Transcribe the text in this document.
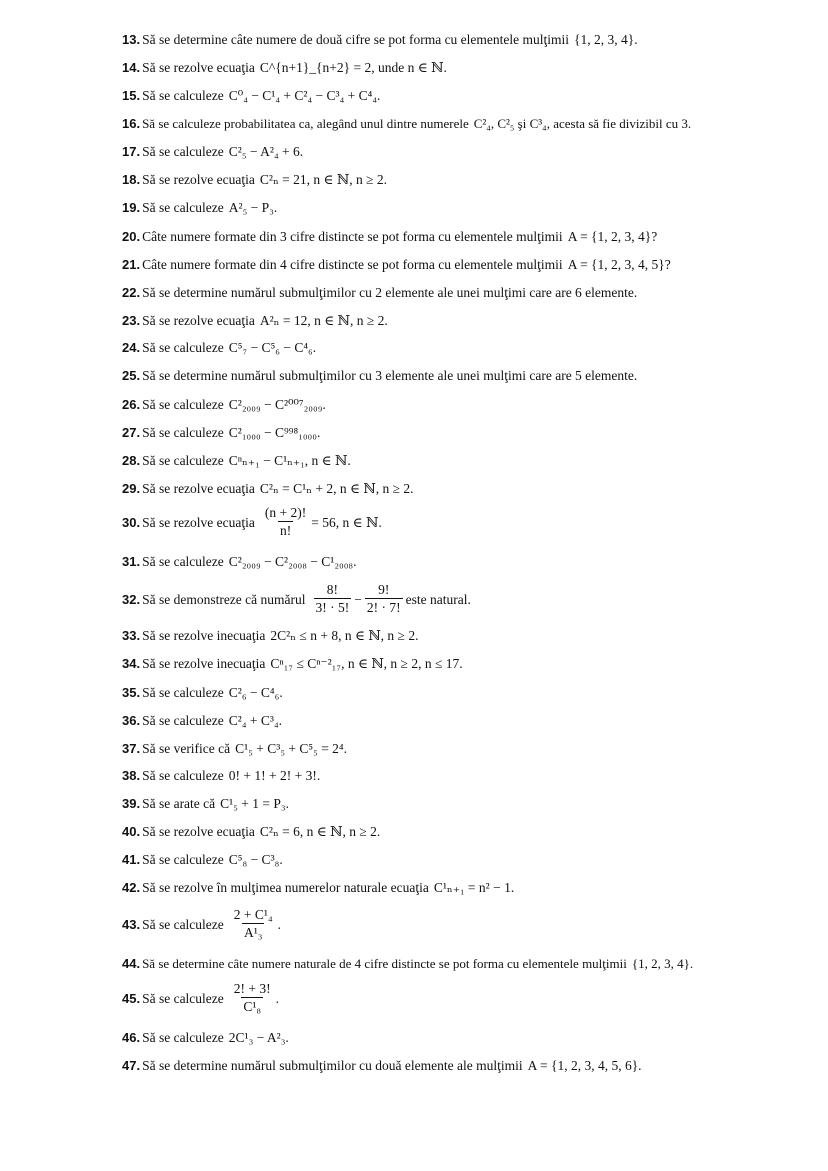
13. Să se determine câte numere de două cifre se pot forma cu elementele mulţimii {1, 2, 3, 4}.
14. Să se rezolve ecuaţia C^{n+1}_{n+2} = 2, unde n ∈ ℕ.
15. Să se calculeze C⁰₄ − C¹₄ + C²₄ − C³₄ + C⁴₄.
16. Să se calculeze probabilitatea ca, alegând unul dintre numerele C²₄, C²₅ şi C³₄, acesta să fie divizibil cu 3.
17. Să se calculeze C²₅ − A²₄ + 6.
18. Să se rezolve ecuaţia C²ₙ = 21, n ∈ ℕ, n ≥ 2.
19. Să se calculeze A²₅ − P₃.
20. Câte numere formate din 3 cifre distincte se pot forma cu elementele mulţimii A = {1, 2, 3, 4}?
21. Câte numere formate din 4 cifre distincte se pot forma cu elementele mulţimii A = {1, 2, 3, 4, 5}?
22. Să se determine numărul submulţimilor cu 2 elemente ale unei mulţimi care are 6 elemente.
23. Să se rezolve ecuaţia A²ₙ = 12, n ∈ ℕ, n ≥ 2.
24. Să se calculeze C⁵₇ − C⁵₆ − C⁴₆.
25. Să se determine numărul submulţimilor cu 3 elemente ale unei mulţimi care are 5 elemente.
26. Să se calculeze C²₂₀₀₉ − C²⁰⁰⁷₂₀₀₉.
27. Să se calculeze C²₁₀₀₀ − C⁹⁹⁸₁₀₀₀.
28. Să se calculeze Cⁿₙ₊₁ − C¹ₙ₊₁, n ∈ ℕ.
29. Să se rezolve ecuaţia C²ₙ = C¹ₙ + 2, n ∈ ℕ, n ≥ 2.
30. Să se rezolve ecuaţia $\frac{(n + 2)!}{n!} = 56$, n ∈ ℕ.
31. Să se calculeze C²₂₀₀₉ − C²₂₀₀₈ − C¹₂₀₀₈.
32. Să se demonstreze că numărul $\frac{8!}{3! \cdot 5!} - \frac{9!}{2! \cdot 7!}$ este natural.
33. Să se rezolve inecuaţia 2C²ₙ ≤ n + 8, n ∈ ℕ, n ≥ 2.
34. Să se rezolve inecuaţia Cⁿ₁₇ ≤ Cⁿ⁻²₁₇, n ∈ ℕ, n ≥ 2, n ≤ 17.
35. Să se calculeze C²₆ − C⁴₆.
36. Să se calculeze C²₄ + C³₄.
37. Să se verifice că C¹₅ + C³₅ + C⁵₅ = 2⁴.
38. Să se calculeze 0! + 1! + 2! + 3!.
39. Să se arate că C¹₅ + 1 = P₃.
40. Să se rezolve ecuaţia C²ₙ = 6, n ∈ ℕ, n ≥ 2.
41. Să se calculeze C⁵₈ − C³₈.
42. Să se rezolve în mulţimea numerelor naturale ecuaţia C¹ₙ₊₁ = n² − 1.
43. Să se calculeze $\frac{\text{2 + C¹₄}}{\text{A¹₃}}$ .
44. Să se determine câte numere naturale de 4 cifre distincte se pot forma cu elementele mulţimii {1, 2, 3, 4}.
45. Să se calculeze $\frac{2! + 3!}{\text{C¹₈}}$ .
46. Să se calculeze 2C¹₃ − A²₃.
47. Să se determine numărul submulţimilor cu două elemente ale mulţimii A = {1, 2, 3, 4, 5, 6}.
